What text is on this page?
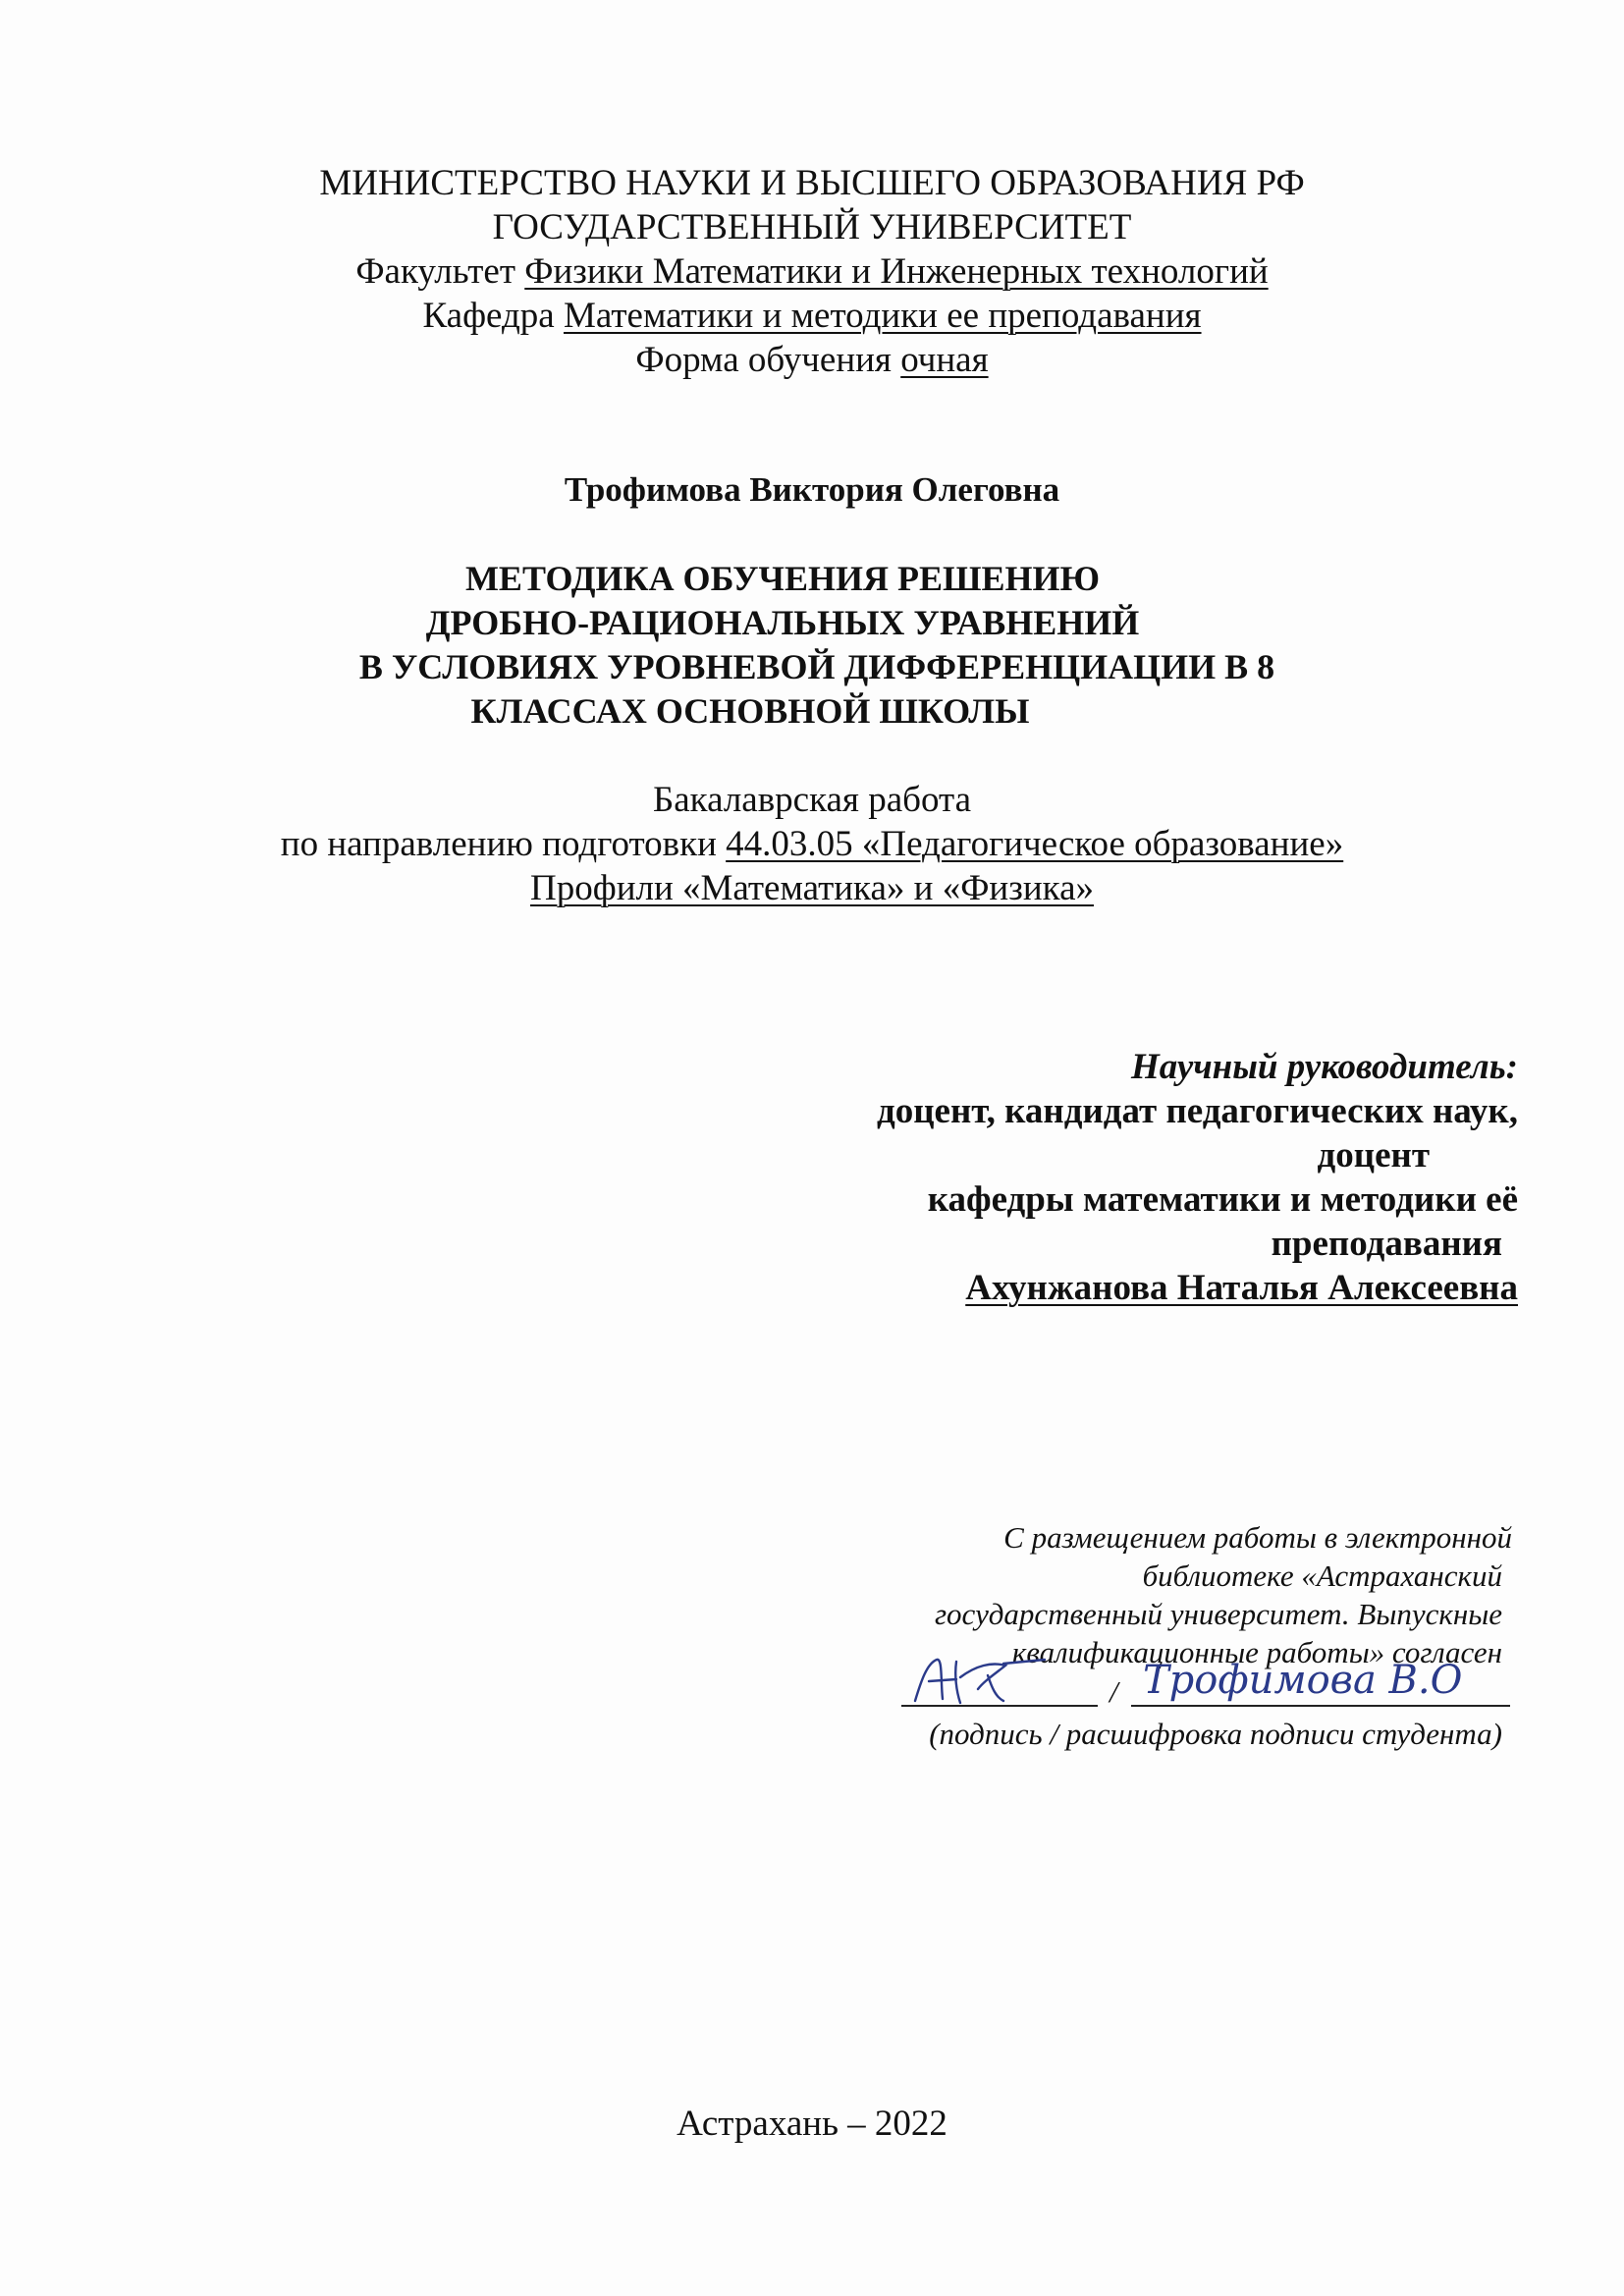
МИНИСТЕРСТВО НАУКИ И ВЫСШЕГО ОБРАЗОВАНИЯ РФ
ГОСУДАРСТВЕННЫЙ УНИВЕРСИТЕТ
Факультет Физики Математики и Инженерных технологий
Кафедра Математики и методики ее преподавания
Форма обучения очная
Трофимова Виктория Олеговна
МЕТОДИКА ОБУЧЕНИЯ РЕШЕНИЮ
ДРОБНО-РАЦИОНАЛЬНЫХ УРАВНЕНИЙ
В УСЛОВИЯХ УРОВНЕВОЙ ДИФФЕРЕНЦИАЦИИ В 8
КЛАССАХ ОСНОВНОЙ ШКОЛЫ
Бакалаврская работа
по направлению подготовки 44.03.05 «Педагогическое образование»
Профили «Математика» и «Физика»
Научный руководитель:
доцент, кандидат педагогических наук,
доцент
кафедры математики и методики её
преподавания
Ахунжанова Наталья Алексеевна
С размещением работы в электронной
библиотеке «Астраханский
государственный университет. Выпускные
квалификационные работы» согласен
/ Трофимова В.О
(подпись / расшифровка подписи студента)
Астрахань – 2022
